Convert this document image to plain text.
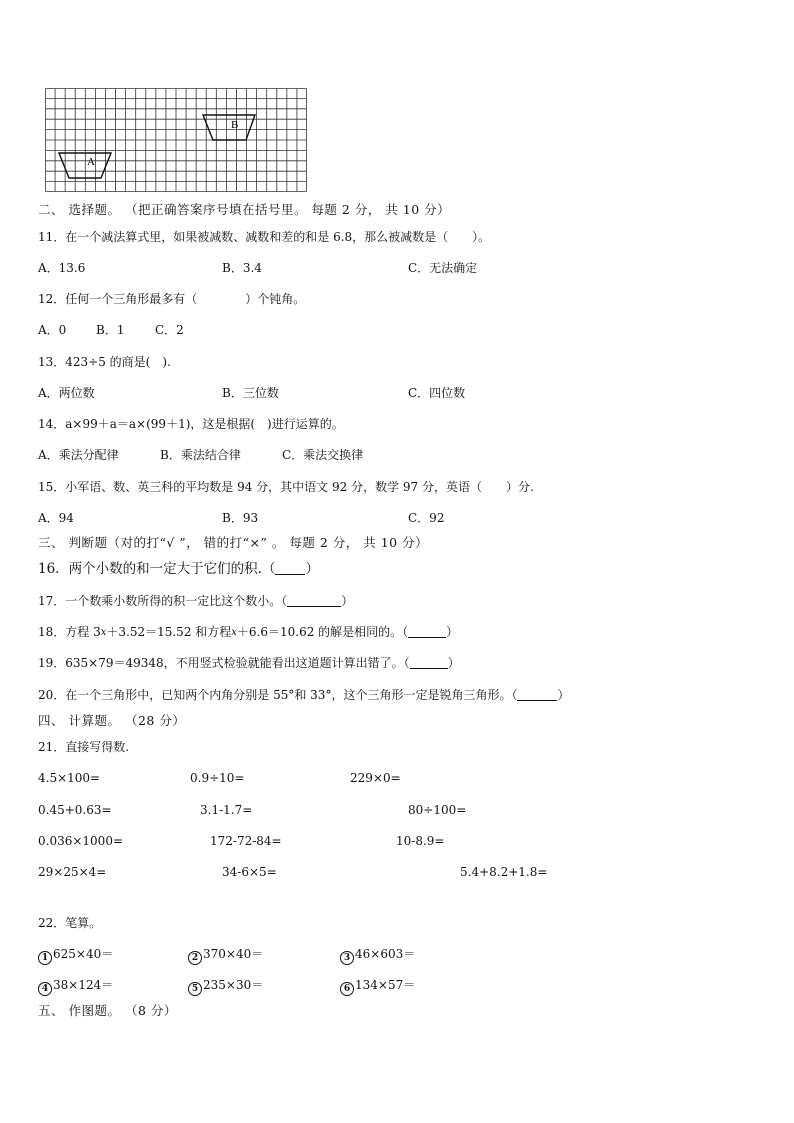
B
A
二、 选择题。 （把正确答案序号填在括号里。 每题 2 分， 共 10 分）
11．在一个减法算式里，如果被减数、减数和差的和是 6.8，那么被减数是（　　）。
A．13.6	B．3.4	C．无法确定
12．任何一个三角形最多有（　　　　）个钝角。
A．0 B．1	C．2
13．423÷5 的商是(　).
A．两位数	B．三位数	C．四位数
14．a×99＋a＝a×(99＋1)，这是根据(　)进行运算的。
A．乘法分配律	B．乘法结合律	C．乘法交换律
15．小军语、数、英三科的平均数是 94 分，其中语文 92 分，数学 97 分，英语（　　）分.
A．94	B．93	C．92
三、 判断题（对的打“√ ”， 错的打“×” 。 每题 2 分， 共 10 分）
16．两个小数的和一定大于它们的积.（ ）
17．一个数乘小数所得的积一定比这个数小。（	）
18．方程 3x＋3.52＝15.52 和方程x＋6.6＝10.62 的解是相同的。（	）
19．635×79＝49348，不用竖式检验就能看出这道题计算出错了。（	）
20．在一个三角形中，已知两个内角分别是 55°和 33°，这个三角形一定是锐角三角形。（	）
四、 计算题。 （28 分）
21．直接写得数.
4.5×100=	0.9÷10=	229×0=
0.45+0.63=	3.1-1.7=	80÷100=
0.036×1000=	172-72-84=	10-8.9=
29×25×4=	34-6×5=	5.4+8.2+1.8=
22．笔算。
1 625×40＝	2 370×40＝	3 46×603＝
4 38×124＝	5 235×30＝	6 134×57＝
五、 作图题。 （8 分）
